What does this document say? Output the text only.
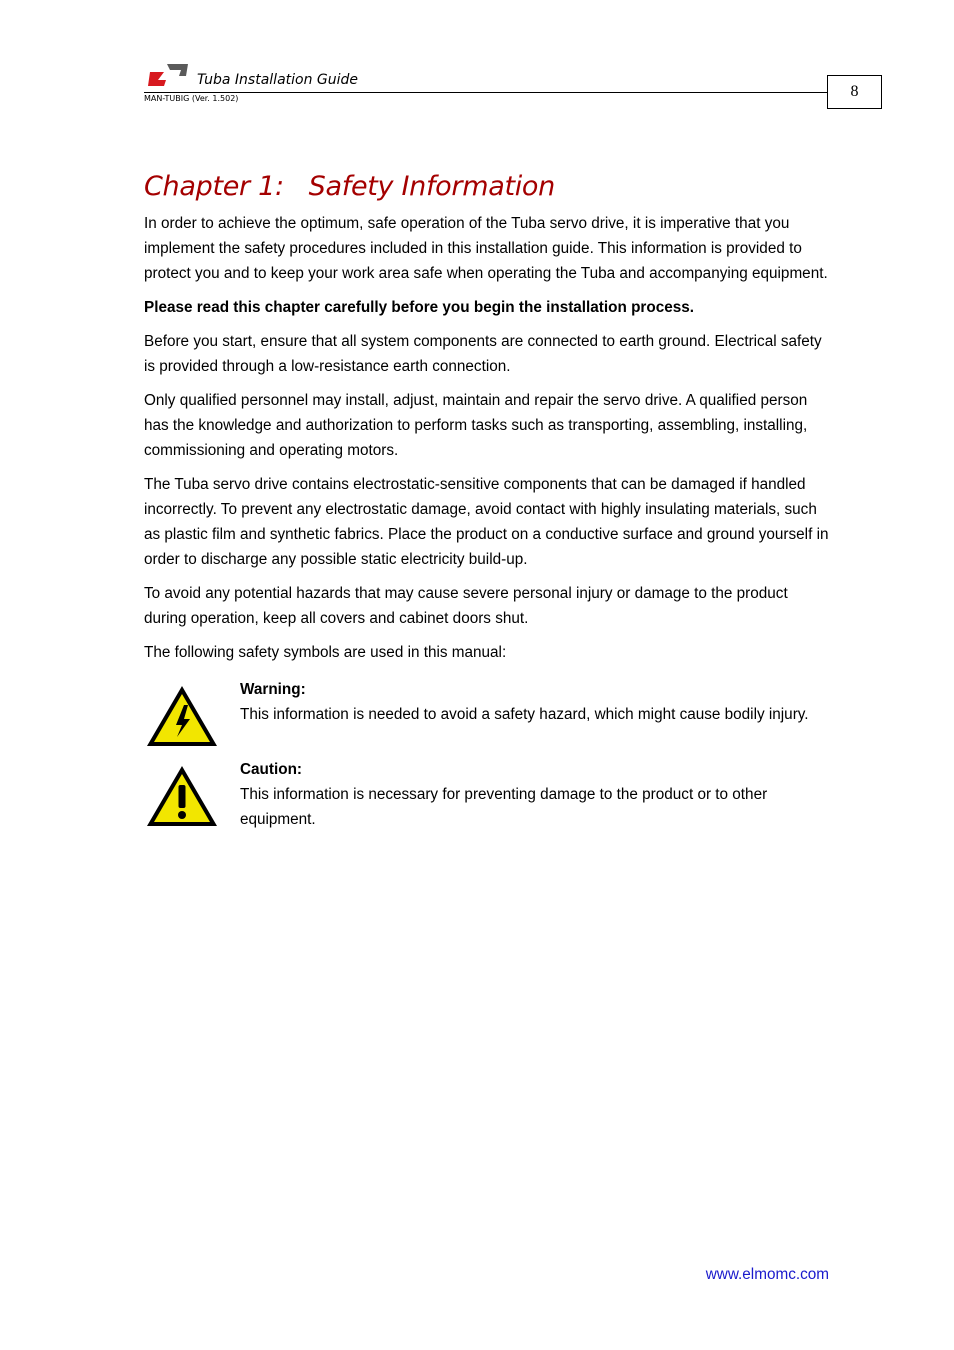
Tuba Installation Guide
MAN-TUBIG (Ver. 1.502)	8
Chapter 1:   Safety Information

In order to achieve the optimum, safe operation of the Tuba servo drive, it is imperative that you implement the safety procedures included in this installation guide. This information is provided to protect you and to keep your work area safe when operating the Tuba and accompanying equipment.

Please read this chapter carefully before you begin the installation process.

Before you start, ensure that all system components are connected to earth ground. Electrical safety is provided through a low-resistance earth connection.

Only qualified personnel may install, adjust, maintain and repair the servo drive. A qualified person has the knowledge and authorization to perform tasks such as transporting, assembling, installing, commissioning and operating motors.

The Tuba servo drive contains electrostatic-sensitive components that can be damaged if handled incorrectly. To prevent any electrostatic damage, avoid contact with highly insulating materials, such as plastic film and synthetic fabrics. Place the product on a conductive surface and ground yourself in order to discharge any possible static electricity build-up.

To avoid any potential hazards that may cause severe personal injury or damage to the product during operation, keep all covers and cabinet doors shut.

The following safety symbols are used in this manual:

Warning:
This information is needed to avoid a safety hazard, which might cause bodily injury.
Caution:
This information is necessary for preventing damage to the product or to other equipment.
www.elmomc.com
